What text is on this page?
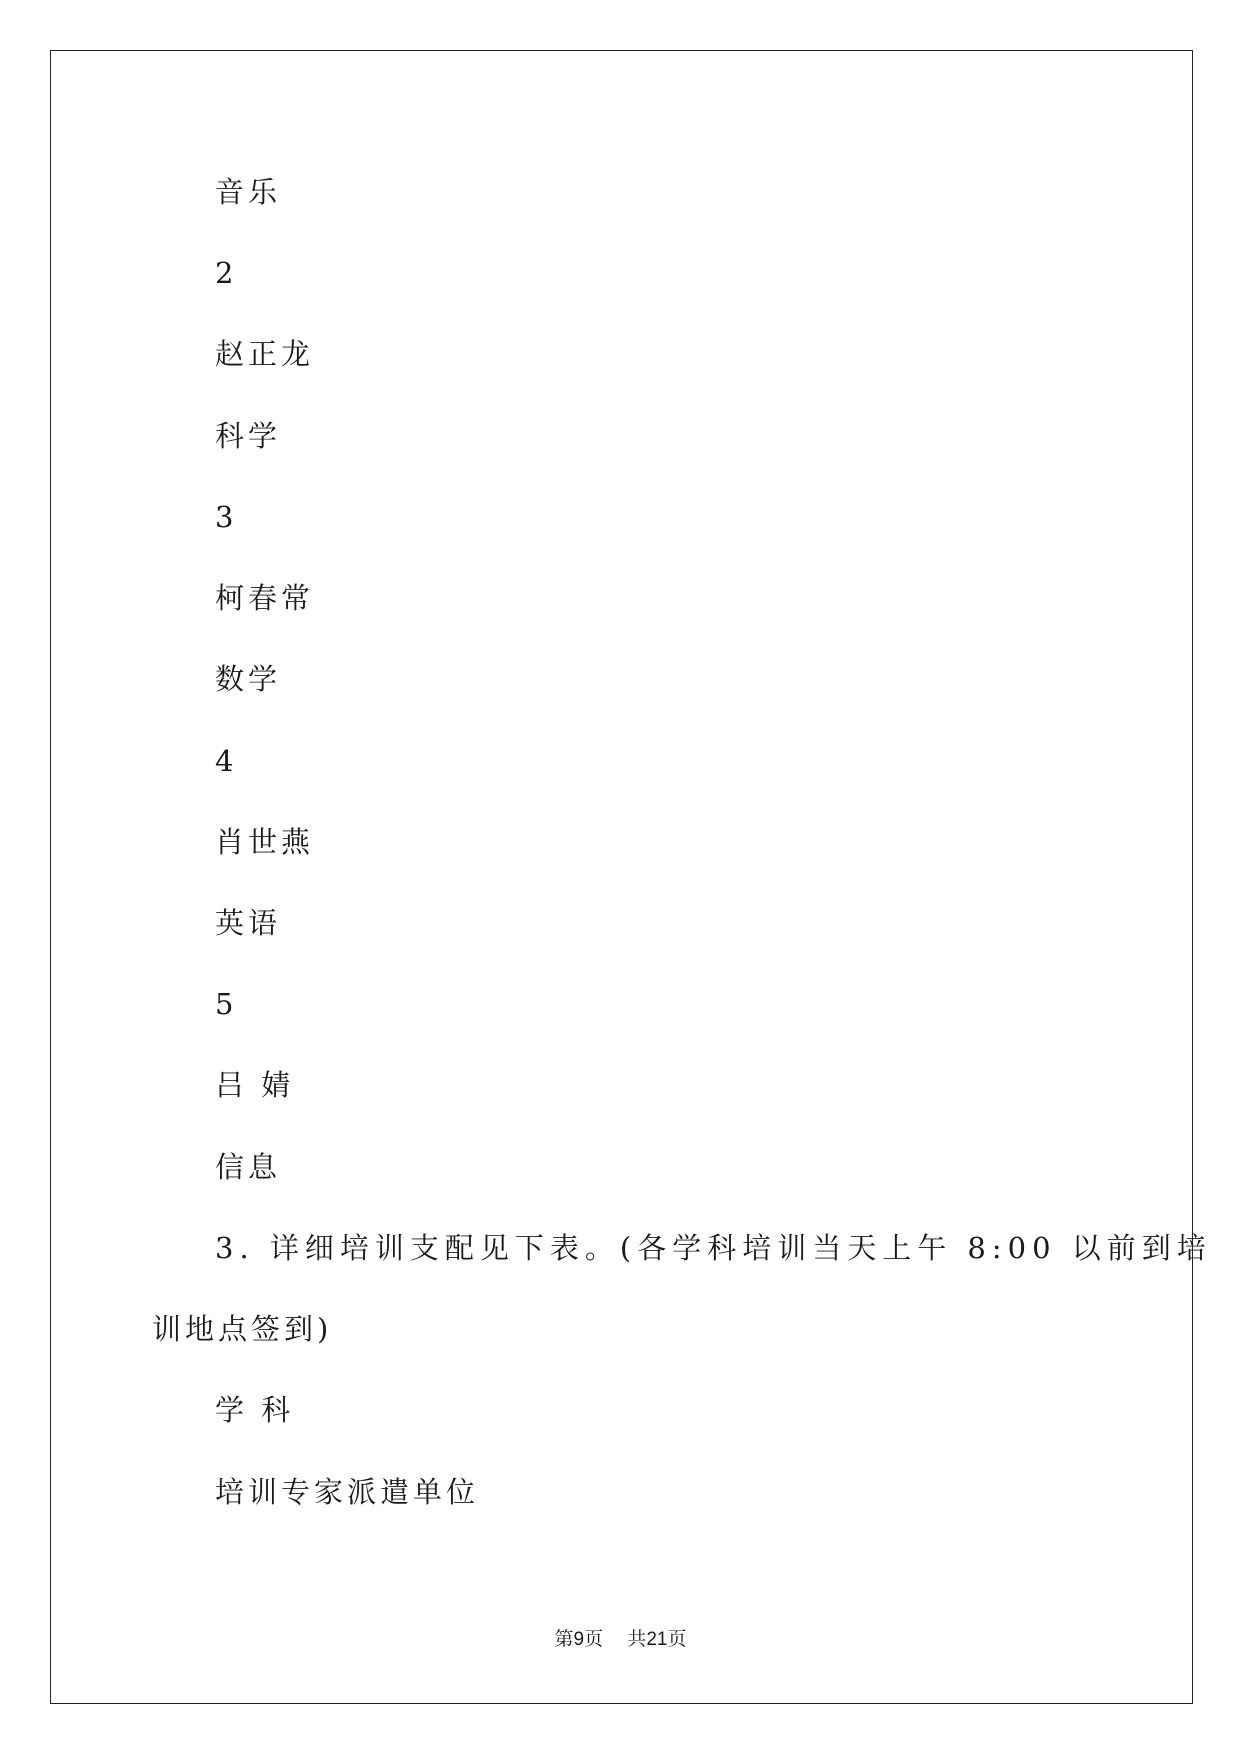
音乐
2
赵正龙
科学
3
柯春常
数学
4
肖世燕
英语
5
吕 婧
信息
3. 详细培训支配见下表。(各学科培训当天上午 8:00 以前到培
训地点签到)
学 科
培训专家派遣单位
第9页 共21页
